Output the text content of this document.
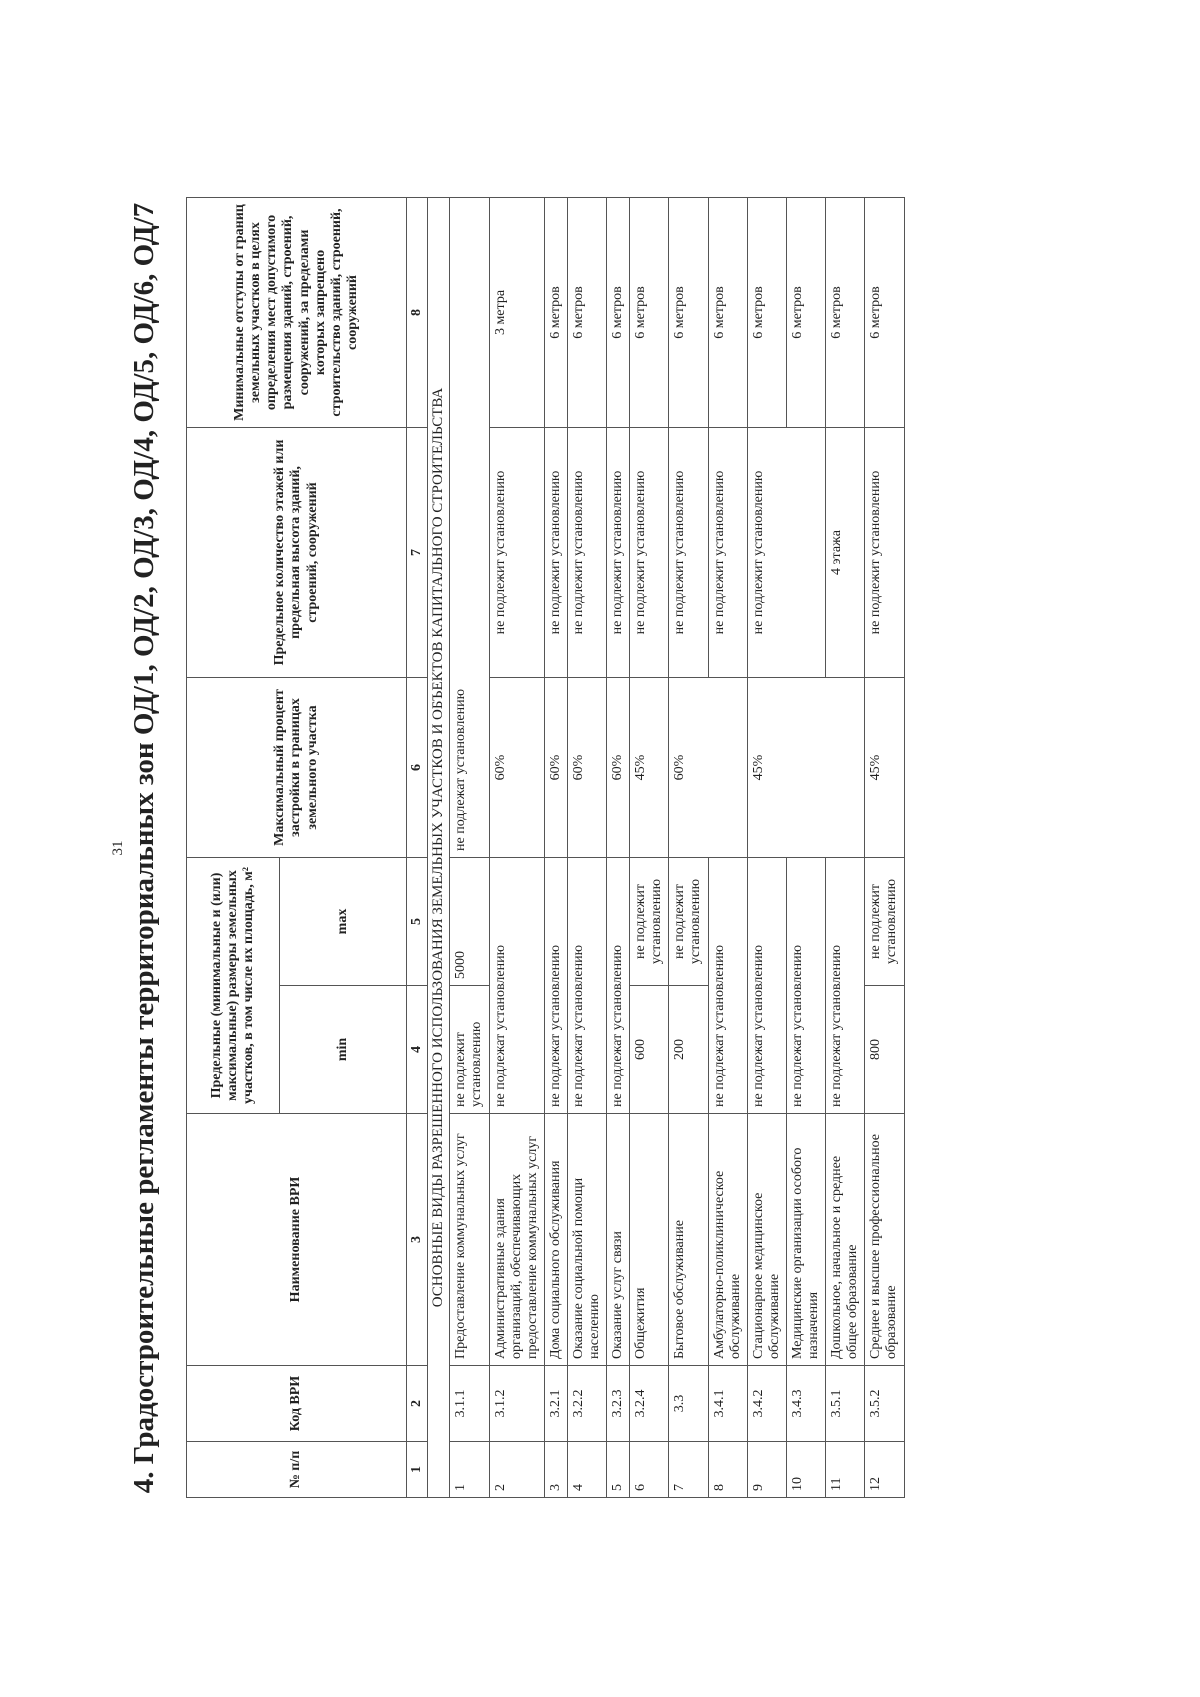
31 4. Градостроительные регламенты территориальных зон ОД/1, ОД/2, ОД/3, ОД/4, ОД/5, ОД/6, ОД/7	№ п/п	Код ВРИ	Наименование ВРИ	Предельные (минимальные и (или) максимальные) размеры земельных участков, в том числе их площадь, м²		Максимальный процент застройки в границах земельного участка	Предельное количество этажей или предельная высота зданий, строений, сооружений	Минимальные отступы от границ земельных участков в целях определения мест допустимого размещения зданий, строений, сооружений, за пределами которых запрещено строительство зданий, строений, сооружений
			min	max			
1	2	3	4	5	6	7	8
ОСНОВНЫЕ ВИДЫ РАЗРЕШЕННОГО ИСПОЛЬЗОВАНИЯ ЗЕМЕЛЬНЫХ УЧАСТКОВ И ОБЪЕКТОВ КАПИТАЛЬНОГО СТРОИТЕЛЬСТВА							
1	3.1.1	Предоставление коммунальных услуг	не подлежит установлению	5000	не подлежат установлению		
2	3.1.2	Административные здания организаций, обеспечивающих предоставление коммунальных услуг	не подлежат установлению		60%	не подлежит установлению	3 метра
3	3.2.1	Дома социального обслуживания	не подлежат установлению		60%	не подлежит установлению	6 метров
4	3.2.2	Оказание социальной помощи населению	не подлежат установлению		60%	не подлежит установлению	6 метров
5	3.2.3	Оказание услуг связи	не подлежат установлению		60%	не подлежит установлению	6 метров
6	3.2.4	Общежития	600	не подлежит установлению	45%	не подлежит установлению	6 метров
7	3.3	Бытовое обслуживание	200	не подлежит установлению	60%	не подлежит установлению	6 метров
8	3.4.1	Амбулаторно-поликлиническое обслуживание	не подлежат установлению			не подлежит установлению	6 метров
9	3.4.2	Стационарное медицинское обслуживание	не подлежат установлению		45%	не подлежит установлению	6 метров
10	3.4.3	Медицинские организации особого назначения	не подлежат установлению				6 метров
11	3.5.1	Дошкольное, начальное и среднее общее образование	не подлежат установлению			4 этажа	6 метров
12	3.5.2	Среднее и высшее профессиональное образование	800	не подлежит установлению	45%	не подлежит установлению	6 метров
